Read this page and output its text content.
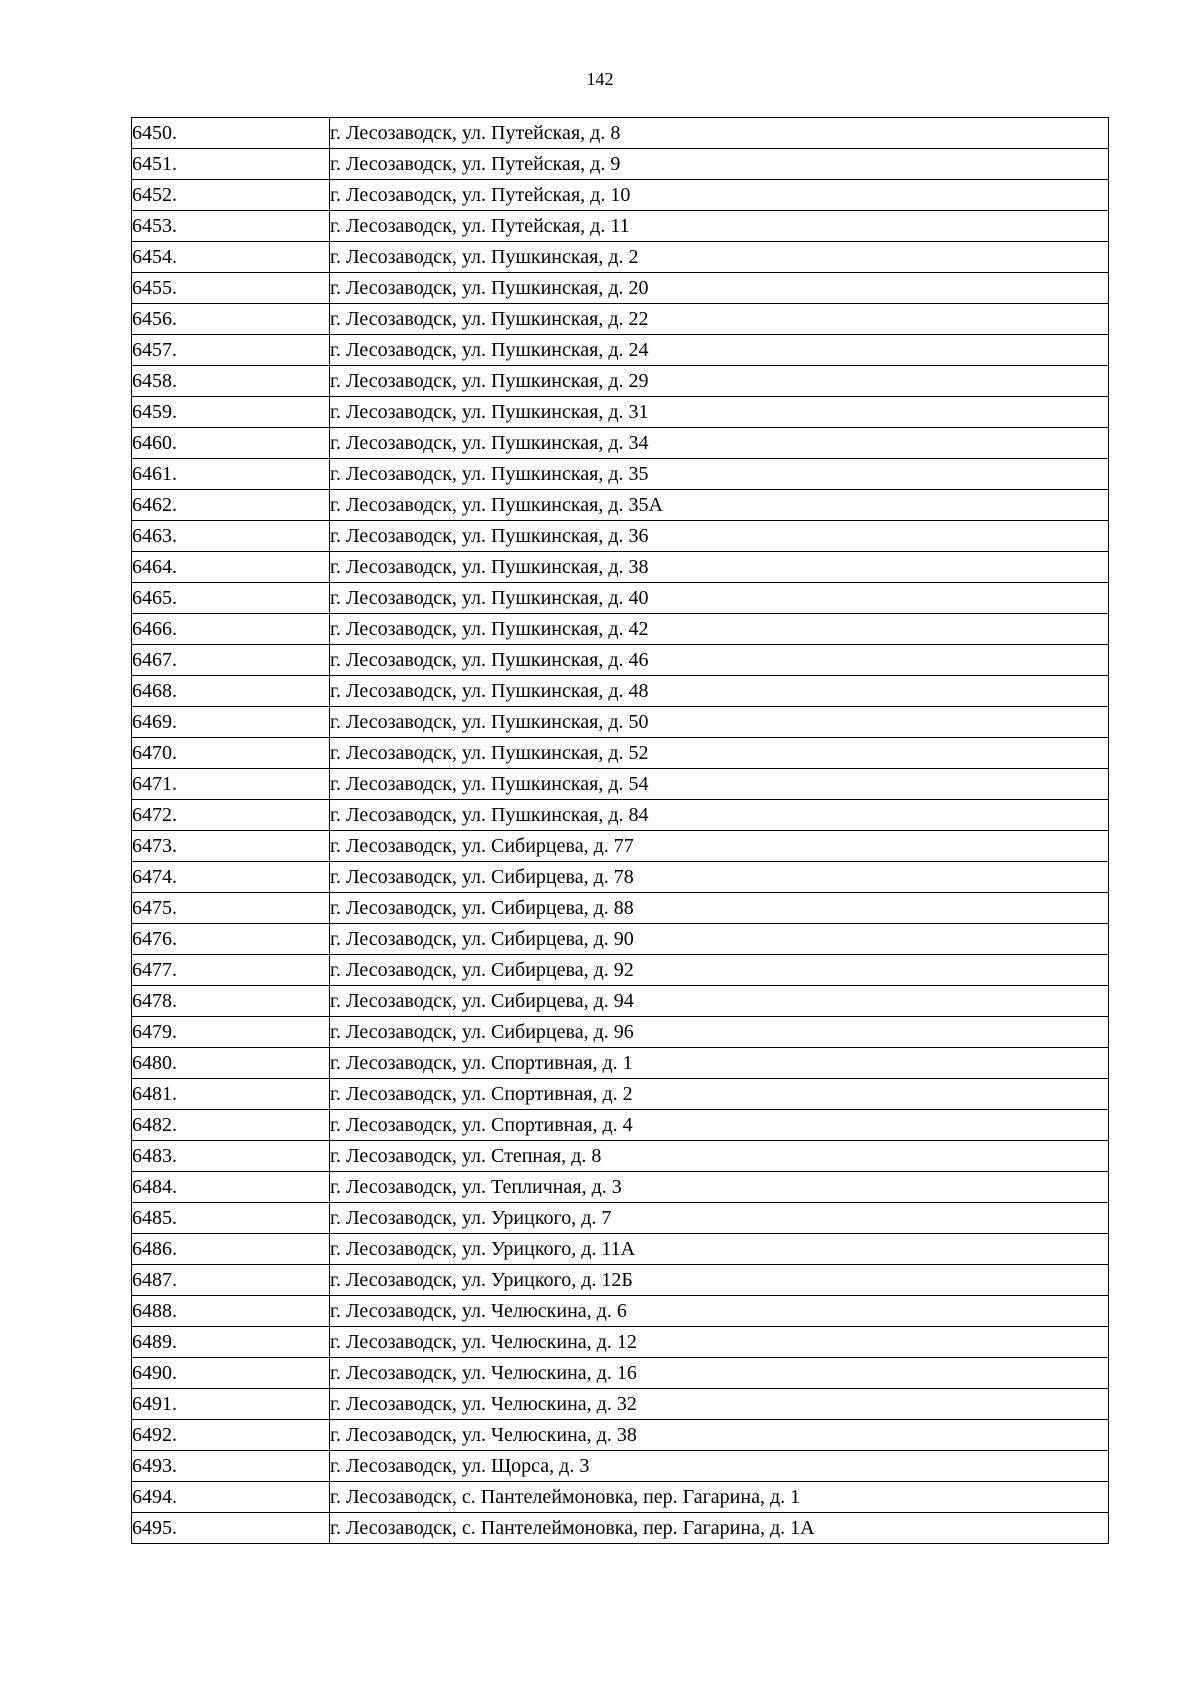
142
6450.	г. Лесозаводск, ул. Путейская, д. 8
6451.	г. Лесозаводск, ул. Путейская, д. 9
6452.	г. Лесозаводск, ул. Путейская, д. 10
6453.	г. Лесозаводск, ул. Путейская, д. 11
6454.	г. Лесозаводск, ул. Пушкинская, д. 2
6455.	г. Лесозаводск, ул. Пушкинская, д. 20
6456.	г. Лесозаводск, ул. Пушкинская, д. 22
6457.	г. Лесозаводск, ул. Пушкинская, д. 24
6458.	г. Лесозаводск, ул. Пушкинская, д. 29
6459.	г. Лесозаводск, ул. Пушкинская, д. 31
6460.	г. Лесозаводск, ул. Пушкинская, д. 34
6461.	г. Лесозаводск, ул. Пушкинская, д. 35
6462.	г. Лесозаводск, ул. Пушкинская, д. 35А
6463.	г. Лесозаводск, ул. Пушкинская, д. 36
6464.	г. Лесозаводск, ул. Пушкинская, д. 38
6465.	г. Лесозаводск, ул. Пушкинская, д. 40
6466.	г. Лесозаводск, ул. Пушкинская, д. 42
6467.	г. Лесозаводск, ул. Пушкинская, д. 46
6468.	г. Лесозаводск, ул. Пушкинская, д. 48
6469.	г. Лесозаводск, ул. Пушкинская, д. 50
6470.	г. Лесозаводск, ул. Пушкинская, д. 52
6471.	г. Лесозаводск, ул. Пушкинская, д. 54
6472.	г. Лесозаводск, ул. Пушкинская, д. 84
6473.	г. Лесозаводск, ул. Сибирцева, д. 77
6474.	г. Лесозаводск, ул. Сибирцева, д. 78
6475.	г. Лесозаводск, ул. Сибирцева, д. 88
6476.	г. Лесозаводск, ул. Сибирцева, д. 90
6477.	г. Лесозаводск, ул. Сибирцева, д. 92
6478.	г. Лесозаводск, ул. Сибирцева, д. 94
6479.	г. Лесозаводск, ул. Сибирцева, д. 96
6480.	г. Лесозаводск, ул. Спортивная, д. 1
6481.	г. Лесозаводск, ул. Спортивная, д. 2
6482.	г. Лесозаводск, ул. Спортивная, д. 4
6483.	г. Лесозаводск, ул. Степная, д. 8
6484.	г. Лесозаводск, ул. Тепличная, д. 3
6485.	г. Лесозаводск, ул. Урицкого, д. 7
6486.	г. Лесозаводск, ул. Урицкого, д. 11А
6487.	г. Лесозаводск, ул. Урицкого, д. 12Б
6488.	г. Лесозаводск, ул. Челюскина, д. 6
6489.	г. Лесозаводск, ул. Челюскина, д. 12
6490.	г. Лесозаводск, ул. Челюскина, д. 16
6491.	г. Лесозаводск, ул. Челюскина, д. 32
6492.	г. Лесозаводск, ул. Челюскина, д. 38
6493.	г. Лесозаводск, ул. Щорса, д. 3
6494.	г. Лесозаводск, с. Пантелеймоновка, пер. Гагарина, д. 1
6495.	г. Лесозаводск, с. Пантелеймоновка, пер. Гагарина, д. 1А
